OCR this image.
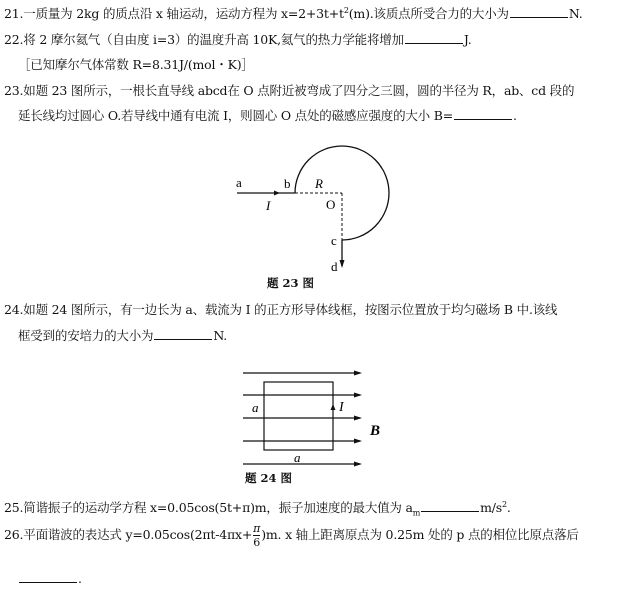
21.一质量为 2kg 的质点沿 x 轴运动，运动方程为 $x=2+3t+t^2(m)$.该质点所受合力的大小为	N.
22.将 2 摩尔氦气（自由度 i=3）的温度升高 10K,氦气的热力学能将增加	J.
［已知摩尔气体常数 R=8.31J/(mol・K)］
23.如题 23 图所示，一根长直导线 abcd在 O 点附近被弯成了四分之三圆，圆的半径为 R，ab、cd 段的
延长线均过圆心 O.若导线中通有电流 I，则圆心 O 点处的磁感应强度的大小 B=	.
a	b R
I	O
c
d
a	I
B
a
题 23 图
题 24 图
24.如题 24 图所示，有一边长为 a、载流为 I 的正方形导体线框，按图示位置放于均匀磁场 B 中.该线
框受到的安培力的大小为	N.
25.简谐振子的运动学方程 x=0.05cos(5t+π)m，振子加速度的最大值为 $a_m$	$m/s^2$.
26.平面谐波的表达式 $y=0.05\cos(2\pi t-4\pi x+ \frac{\pi}{6} )m$. x 轴上距离原点为 0.25m 处的 p 点的相位比原点落后
.
